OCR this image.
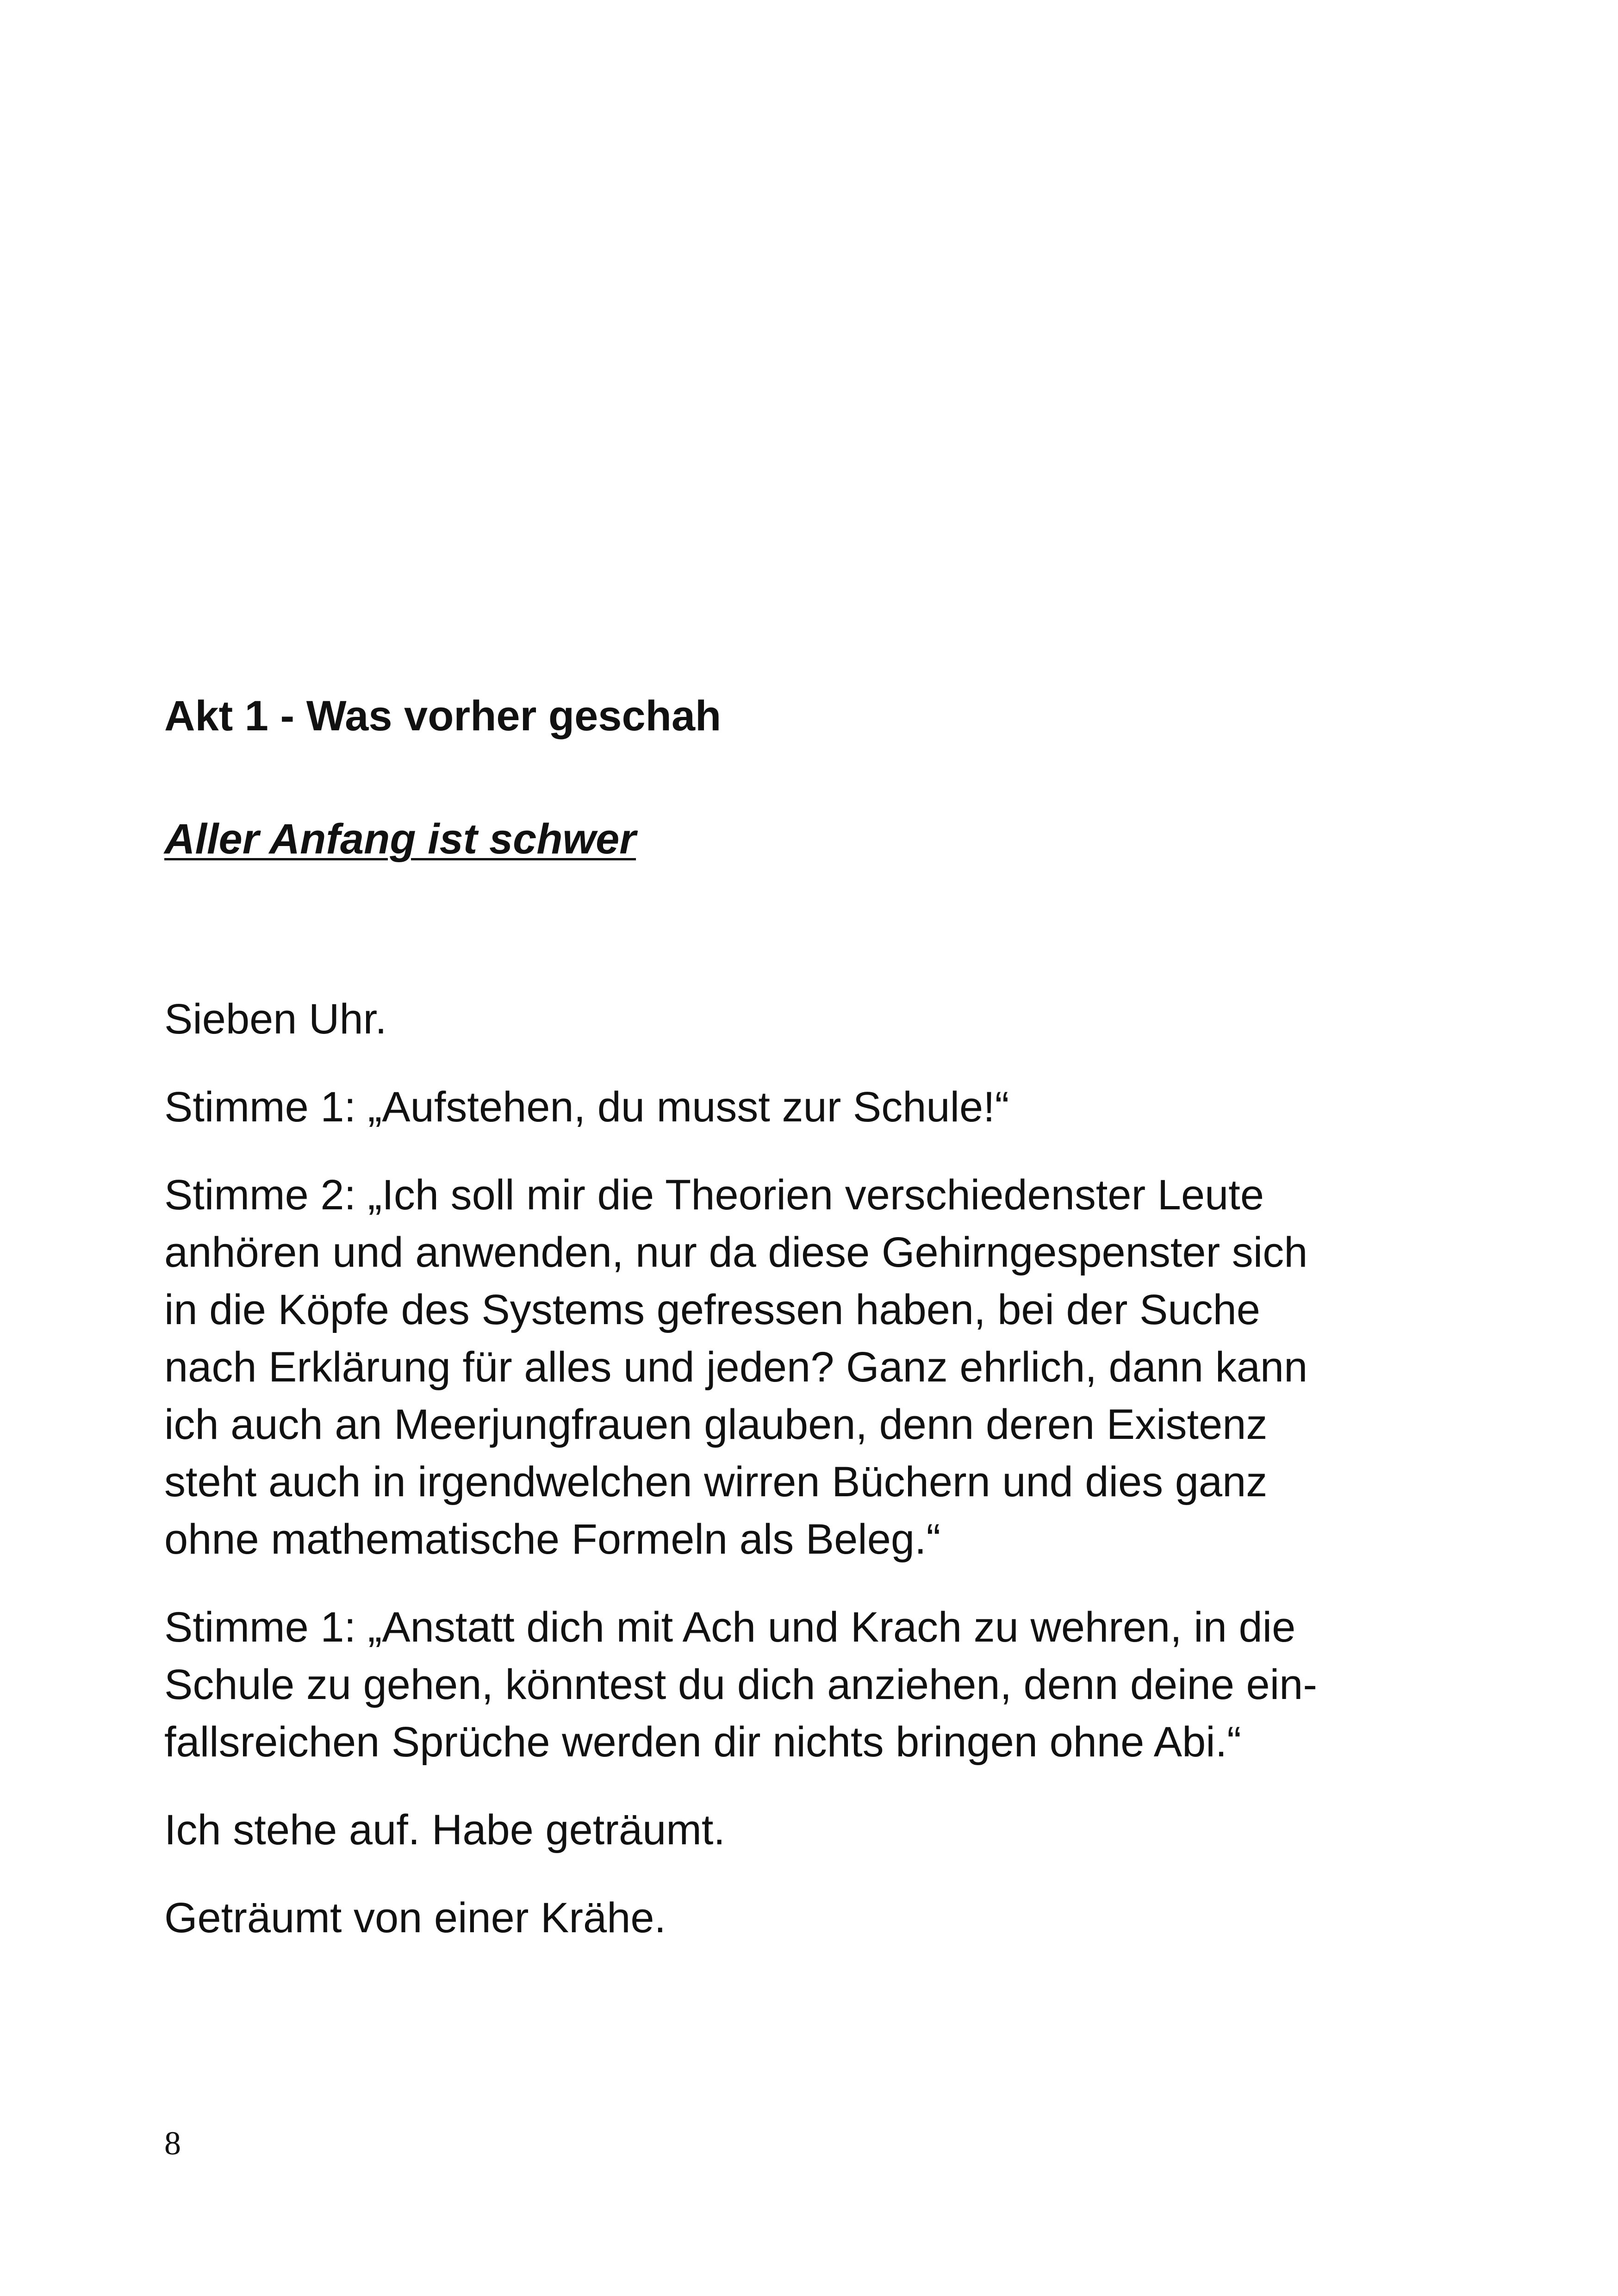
Akt 1 - Was vorher geschah
Aller Anfang ist schwer

Sieben Uhr.

Stimme 1: „Aufstehen, du musst zur Schule!“

Stimme 2: „Ich soll mir die Theorien verschiedenster Leute
anhören und anwenden, nur da diese Gehirngespenster sich
in die Köpfe des Systems gefressen haben, bei der Suche
nach Erklärung für alles und jeden? Ganz ehrlich, dann kann
ich auch an Meerjungfrauen glauben, denn deren Existenz
steht auch in irgendwelchen wirren Büchern und dies ganz
ohne mathematische Formeln als Beleg.“

Stimme 1: „Anstatt dich mit Ach und Krach zu wehren, in die
Schule zu gehen, könntest du dich anziehen, denn deine ein-
fallsreichen Sprüche werden dir nichts bringen ohne Abi.“

Ich stehe auf. Habe geträumt.

Geträumt von einer Krähe.

8
